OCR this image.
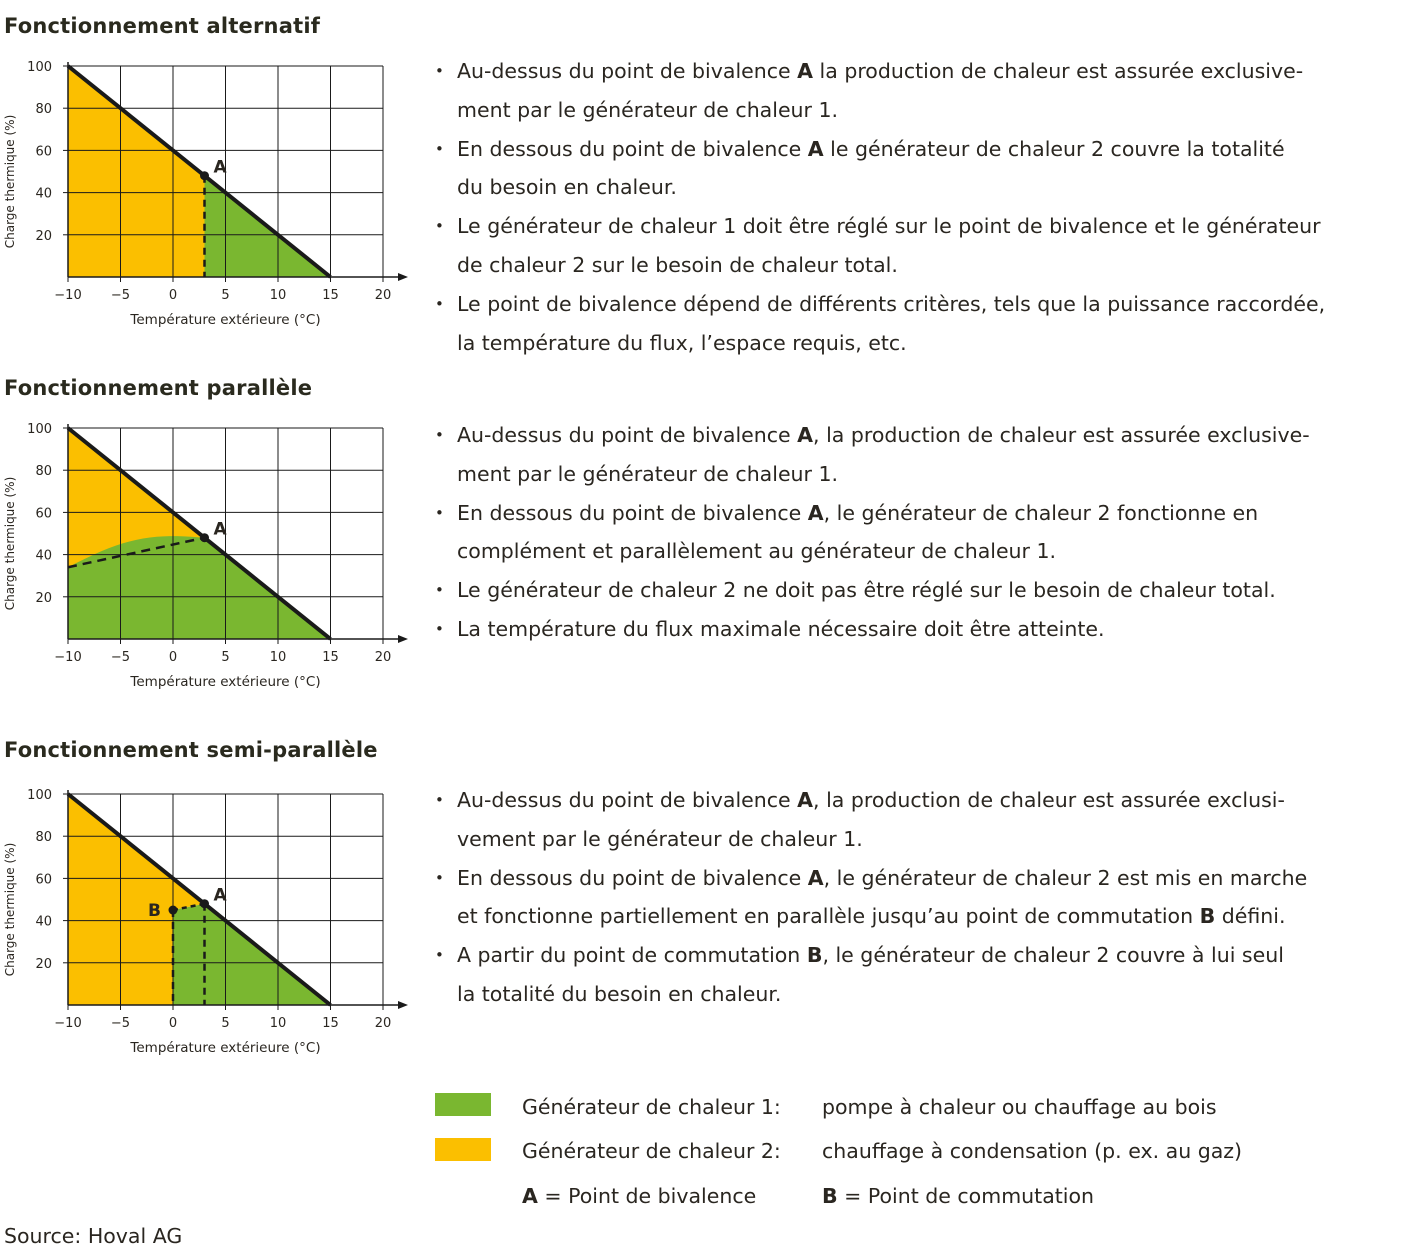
Fonctionnement alternatif
−10 −5	0	5	10	15	20
20
40
60
80
100
Température extérieure (°C)
Charge thermique (%)	A
• Au-dessus du point de bivalence A la production de chaleur est assurée exclusive-
ment par le générateur de chaleur 1.
• En dessous du point de bivalence A le générateur de chaleur 2 couvre la totalité
du besoin en chaleur.
• Le générateur de chaleur 1 doit être réglé sur le point de bivalence et le générateur
de chaleur 2 sur le besoin de chaleur total.
• Le point de bivalence dépend de différents critères, tels que la puissance raccordée,
la température du flux, l’espace requis, etc.
Fonctionnement parallèle
−10 −5	0	5	10	15	20
20
40
60
80
100
Température extérieure (°C)
Charge thermique (%)	A
• Au-dessus du point de bivalence A, la production de chaleur est assurée exclusive-
ment par le générateur de chaleur 1.
• En dessous du point de bivalence A, le générateur de chaleur 2 fonctionne en
complément et parallèlement au générateur de chaleur 1.
• Le générateur de chaleur 2 ne doit pas être réglé sur le besoin de chaleur total.
• La température du flux maximale nécessaire doit être atteinte.
Fonctionnement semi-parallèle
−10 −5	0	5	10	15	20
20
40
60
80
100
Température extérieure (°C)
Charge thermique (%)	A
B
• Au-dessus du point de bivalence A, la production de chaleur est assurée exclusi-
vement par le générateur de chaleur 1.
• En dessous du point de bivalence A, le générateur de chaleur 2 est mis en marche
et fonctionne partiellement en parallèle jusqu’au point de commutation B défini.
• A partir du point de commutation B, le générateur de chaleur 2 couvre à lui seul
la totalité du besoin en chaleur.
Générateur de chaleur 1: pompe à chaleur ou chauffage au bois
Générateur de chaleur 2: chauffage à condensation (p. ex. au gaz)
A = Point de bivalence	B = Point de commutation
Source: Hoval AG
